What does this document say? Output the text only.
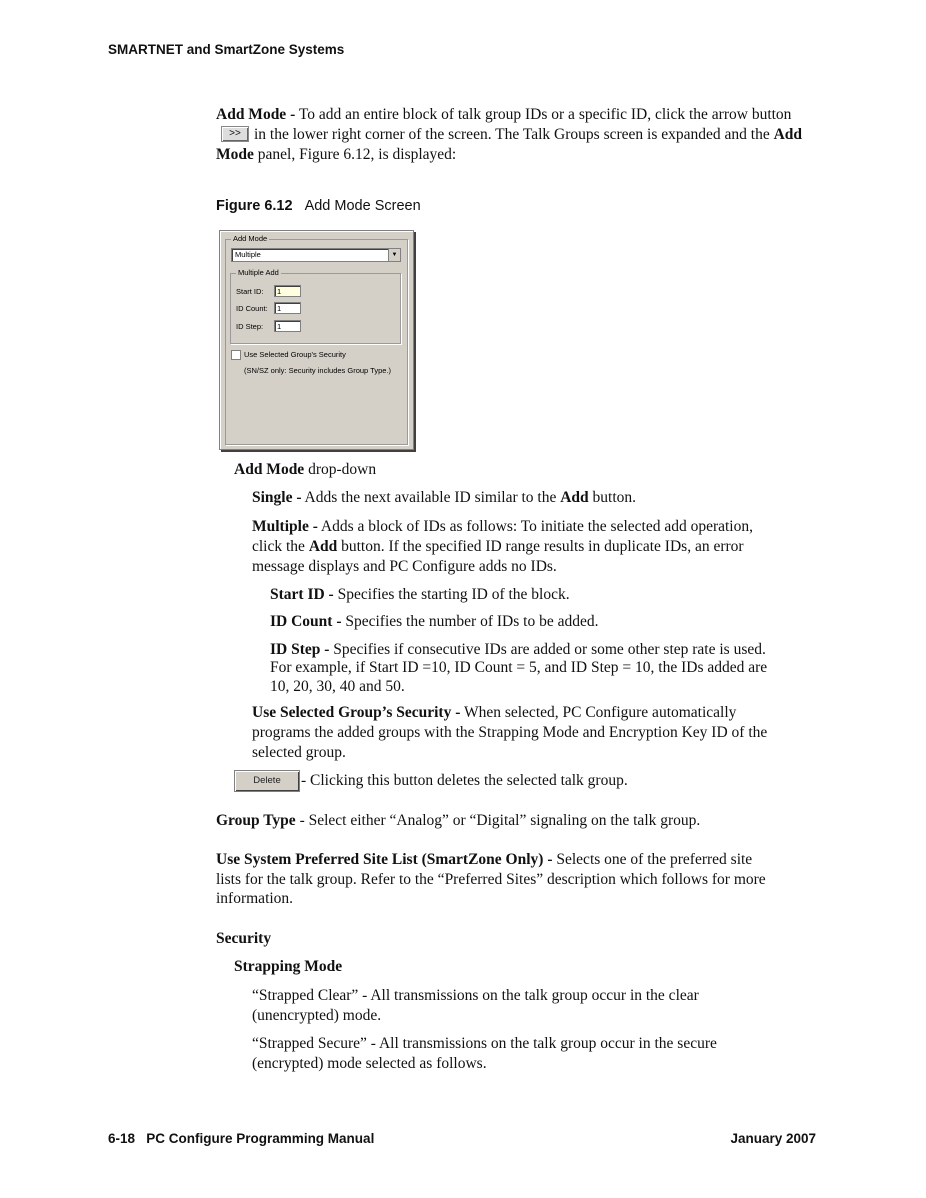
SMARTNET and SmartZone Systems
Add Mode - To add an entire block of talk group IDs or a specific ID, click the arrow button>> in the lower right corner of the screen. The Talk Groups screen is expanded and the Add Mode panel, Figure 6.12, is displayed:
Figure 6.12 Add Mode Screen
Add Mode
Multiple	▼
Multiple Add
Start ID:	1
ID Count:	1
ID Step:	1
Use Selected Group's Security
(SN/SZ only: Security includes Group Type.)
Add Mode drop-down
Single - Adds the next available ID similar to the Add button.
Multiple - Adds a block of IDs as follows: To initiate the selected add operation,
click the Add button. If the specified ID range results in duplicate IDs, an error
message displays and PC Configure adds no IDs.
Start ID - Specifies the starting ID of the block.
ID Count - Specifies the number of IDs to be added.
ID Step - Specifies if consecutive IDs are added or some other step rate is used.
For example, if Start ID =10, ID Count = 5, and ID Step = 10, the IDs added are
10, 20, 30, 40 and 50.
Use Selected Group’s Security - When selected, PC Configure automatically
programs the added groups with the Strapping Mode and Encryption Key ID of the
selected group.
Delete	- Clicking this button deletes the selected talk group.
Group Type - Select either “Analog” or “Digital” signaling on the talk group.
Use System Preferred Site List (SmartZone Only) - Selects one of the preferred site
lists for the talk group. Refer to the “Preferred Sites” description which follows for more
information.
Security
Strapping Mode
“Strapped Clear” - All transmissions on the talk group occur in the clear
(unencrypted) mode.
“Strapped Secure” - All transmissions on the talk group occur in the secure
(encrypted) mode selected as follows.
6-18 PC Configure Programming Manual	January 2007
